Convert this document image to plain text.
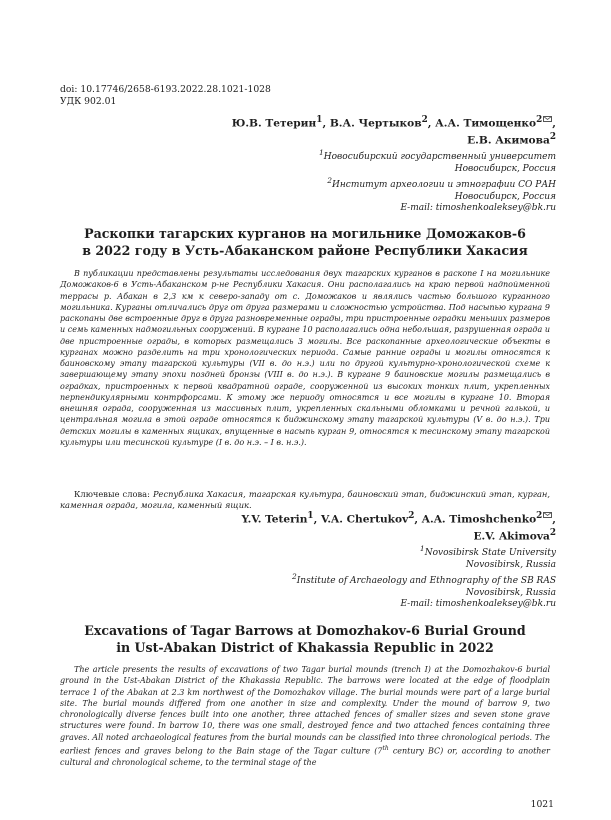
doi: 10.17746/2658-6193.2022.28.1021-1028
УДК 902.01
Ю.В. Тетерин$^1$, В.А. Чертыков$^2$, А.А. Тимощенко$^2$ ,
Е.В. Акимова$^2$
$^1$Новосибирский государственный университет
Новосибирск, Россия
$^2$Институт археологии и этнографии СО РАН
Новосибирск, Россия
E-mail: timoshenkoalekseу@bk.ru
Раскопки тагарских курганов на могильнике Доможаков-6
в 2022 году в Усть-Абаканском районе Республики Хакасия

В публикации представлены результаты исследования двух тагарских курганов в раскопе I на могильнике Доможаков-6 в Усть-Абаканском р-не Республики Хакасия. Они располагались на краю первой надпойменной террасы р. Абакан в 2,3 км к северо-западу от с. Доможаков и являлись частью большого курганного могильника. Курганы отличались друг от друга размерами и сложностью устройства. Под насыпью кургана 9 раскопаны две встроенные друг в друга разновременные ограды, три пристроенные оградки меньших размеров и семь каменных надмогильных сооружений. В кургане 10 располагались одна небольшая, разрушенная ограда и две пристроенные ограды, в которых размещались 3 могилы. Все раскопанные археологические объекты в курганах можно разделить на три хронологических периода. Самые ранние ограды и могилы относятся к баиновскому этапу тагарской культуры (VII в. до н.э.) или по другой культурно-хронологической схеме к завершающему этапу эпохи поздней бронзы (VIII в. до н.э.). В кургане 9 баиновские могилы размещались в оградках, пристроенных к первой квадратной ограде, сооруженной из высоких тонких плит, укрепленных перпендикулярными контрфорсами. К этому же периоду относятся и все могилы в кургане 10. Вторая внешняя ограда, сооруженная из массивных плит, укрепленных скальными обломками и речной галькой, и центральная могила в этой ограде относятся к биджинскому этапу тагарской культуры (V в. до н.э.). Три детских могилы в каменных ящиках, впущенные в насыпь курган 9, относятся к тесинскому этапу тагарской культуры или тесинской культуре (I в. до н.э. – I в. н.э.).

Ключевые слова: Республика Хакасия, тагарская культура, баиновский этап, биджинский этап, курган, каменная ограда, могила, каменный ящик.

Y.V. Teterin$^1$, V.A. Chertukov$^2$, A.A. Timoshchenko$^2$ ,
E.V. Akimova$^2$
$^1$Novosibirsk State University
Novosibirsk, Russia
$^2$Institute of Archaeology and Ethnography of the SB RAS
Novosibirsk, Russia
E-mail: timoshenkoalekseу@bk.ru
Excavations of Tagar Barrows at Domozhakov-6 Burial Ground
in Ust-Abakan District of Khakassia Republic in 2022

The article presents the results of excavations of two Tagar burial mounds (trench I) at the Domozhakov-6 burial ground in the Ust-Abakan District of the Khakassia Republic. The barrows were located at the edge of floodplain terrace 1 of the Abakan at 2.3 km northwest of the Domozhakov village. The burial mounds were part of a large burial site. The burial mounds differed from one another in size and complexity. Under the mound of barrow 9, two chronologically diverse fences built into one another, three attached fences of smaller sizes and seven stone grave structures were found. In barrow 10, there was one small, destroyed fence and two attached fences containing three graves. All noted archaeological features from the burial mounds can be classified into three chronological periods. The earliest fences and graves belong to the Bain stage of the Tagar culture (7th century BC) or, according to another cultural and chronological scheme, to the terminal stage of the

1021
